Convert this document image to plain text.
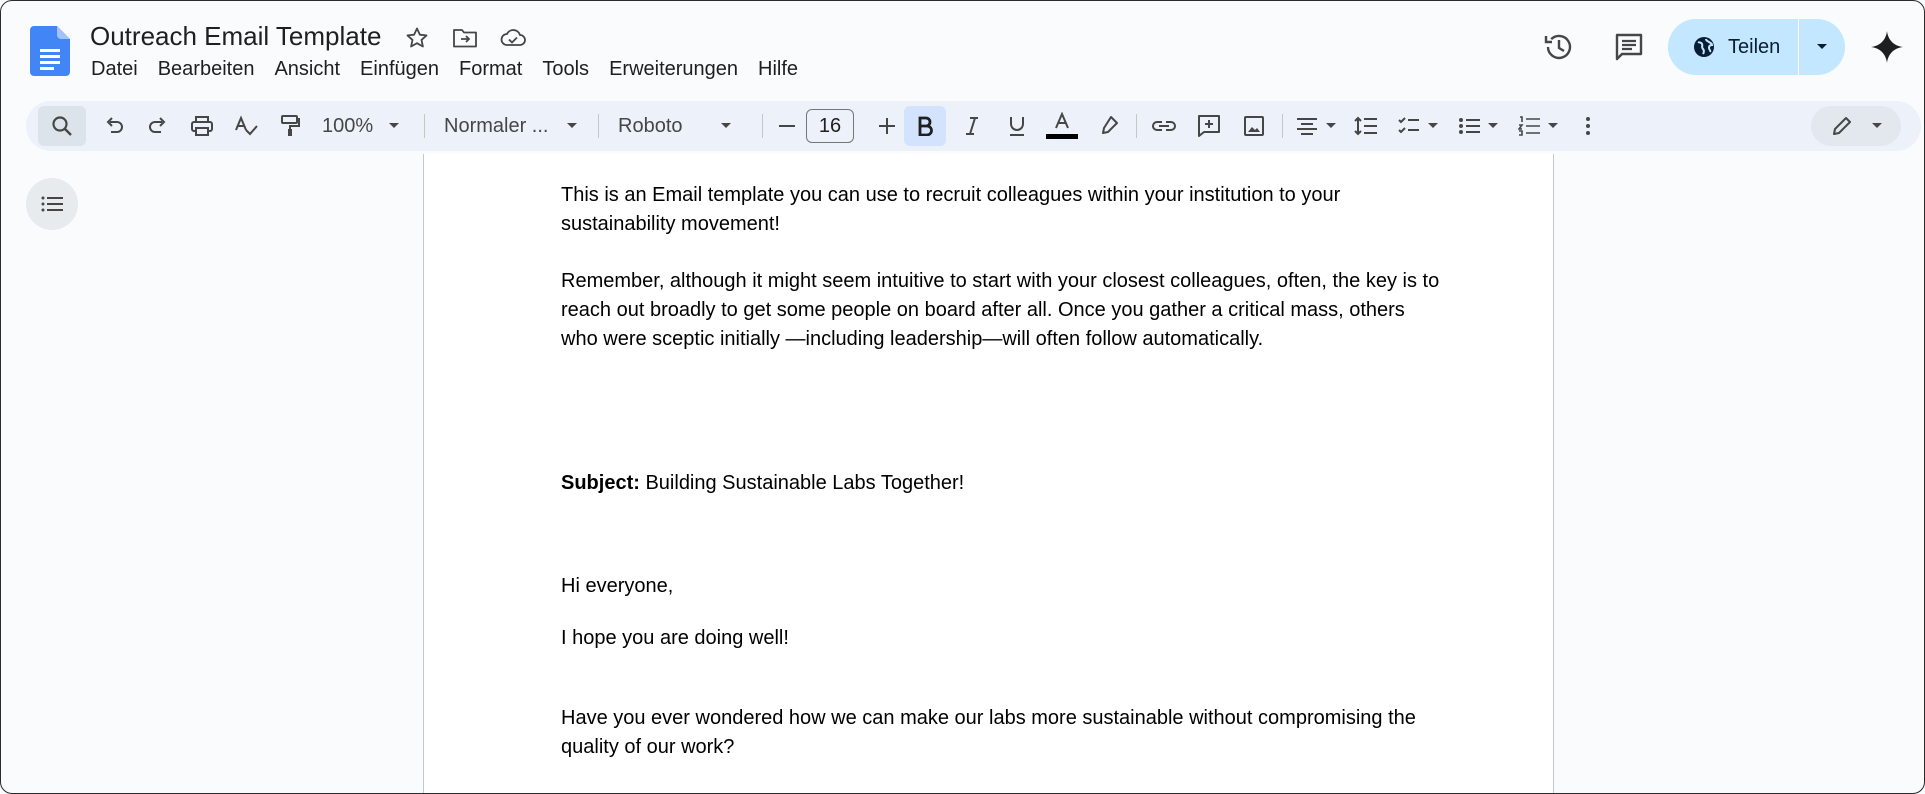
Outreach Email Template
Datei	Bearbeiten	Ansicht	Einfügen	Format	Tools	Erweiterungen	Hilfe
Teilen
100%	Normaler ...	Roboto	16

This is an Email template you can use to recruit colleagues within your institution to your sustainability movement!

Remember, although it might seem intuitive to start with your closest colleagues, often, the key is to reach out broadly to get some people on board after all. Once you gather a critical mass, others who were sceptic initially —including leadership—will often follow automatically.

Subject: Building Sustainable Labs Together!

Hi everyone,

I hope you are doing well!

Have you ever wondered how we can make our labs more sustainable without compromising the quality of our work?
